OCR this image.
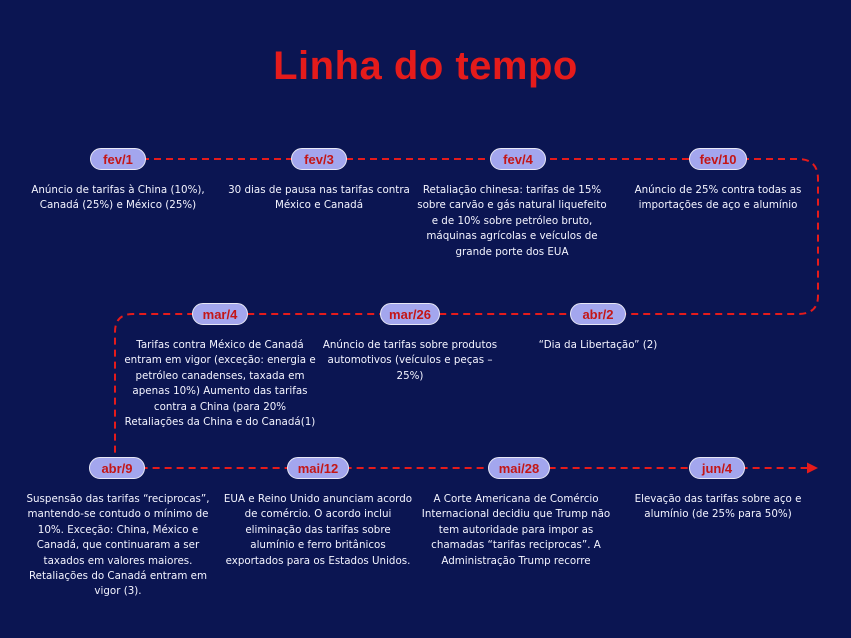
Linha do tempo
fev/1
Anúncio de tarifas à China (10%), Canadá (25%) e México (25%)
fev/3
30 dias de pausa nas tarifas contra México e Canadá
fev/4
Retaliação chinesa: tarifas de 15% sobre carvão e gás natural liquefeito e de 10% sobre petróleo bruto, máquinas agrícolas e veículos de grande porte dos EUA
fev/10
Anúncio de 25% contra todas as importações de aço e alumínio
mar/4
Tarifas contra México de Canadá entram em vigor (exceção: energia e petróleo canadenses, taxada em apenas 10%) Aumento das tarifas contra a China (para 20% Retaliações da China e do Canadá(1)
mar/26
Anúncio de tarifas sobre produtos automotivos (veículos e peças – 25%)
abr/2
“Dia da Libertação” (2)
abr/9
Suspensão das tarifas “reciprocas”, mantendo-se contudo o mínimo de 10%. Exceção: China, México e Canadá, que continuaram a ser taxados em valores maiores. Retaliações do Canadá entram em vigor (3).
mai/12
EUA e Reino Unido anunciam acordo de comércio. O acordo inclui eliminação das tarifas sobre alumínio e ferro britânicos exportados para os Estados Unidos.
mai/28
A Corte Americana de Comércio Internacional decidiu que Trump não tem autoridade para impor as chamadas “tarifas reciprocas”. A Administração Trump recorre
jun/4
Elevação das tarifas sobre aço e alumínio (de 25% para 50%)
